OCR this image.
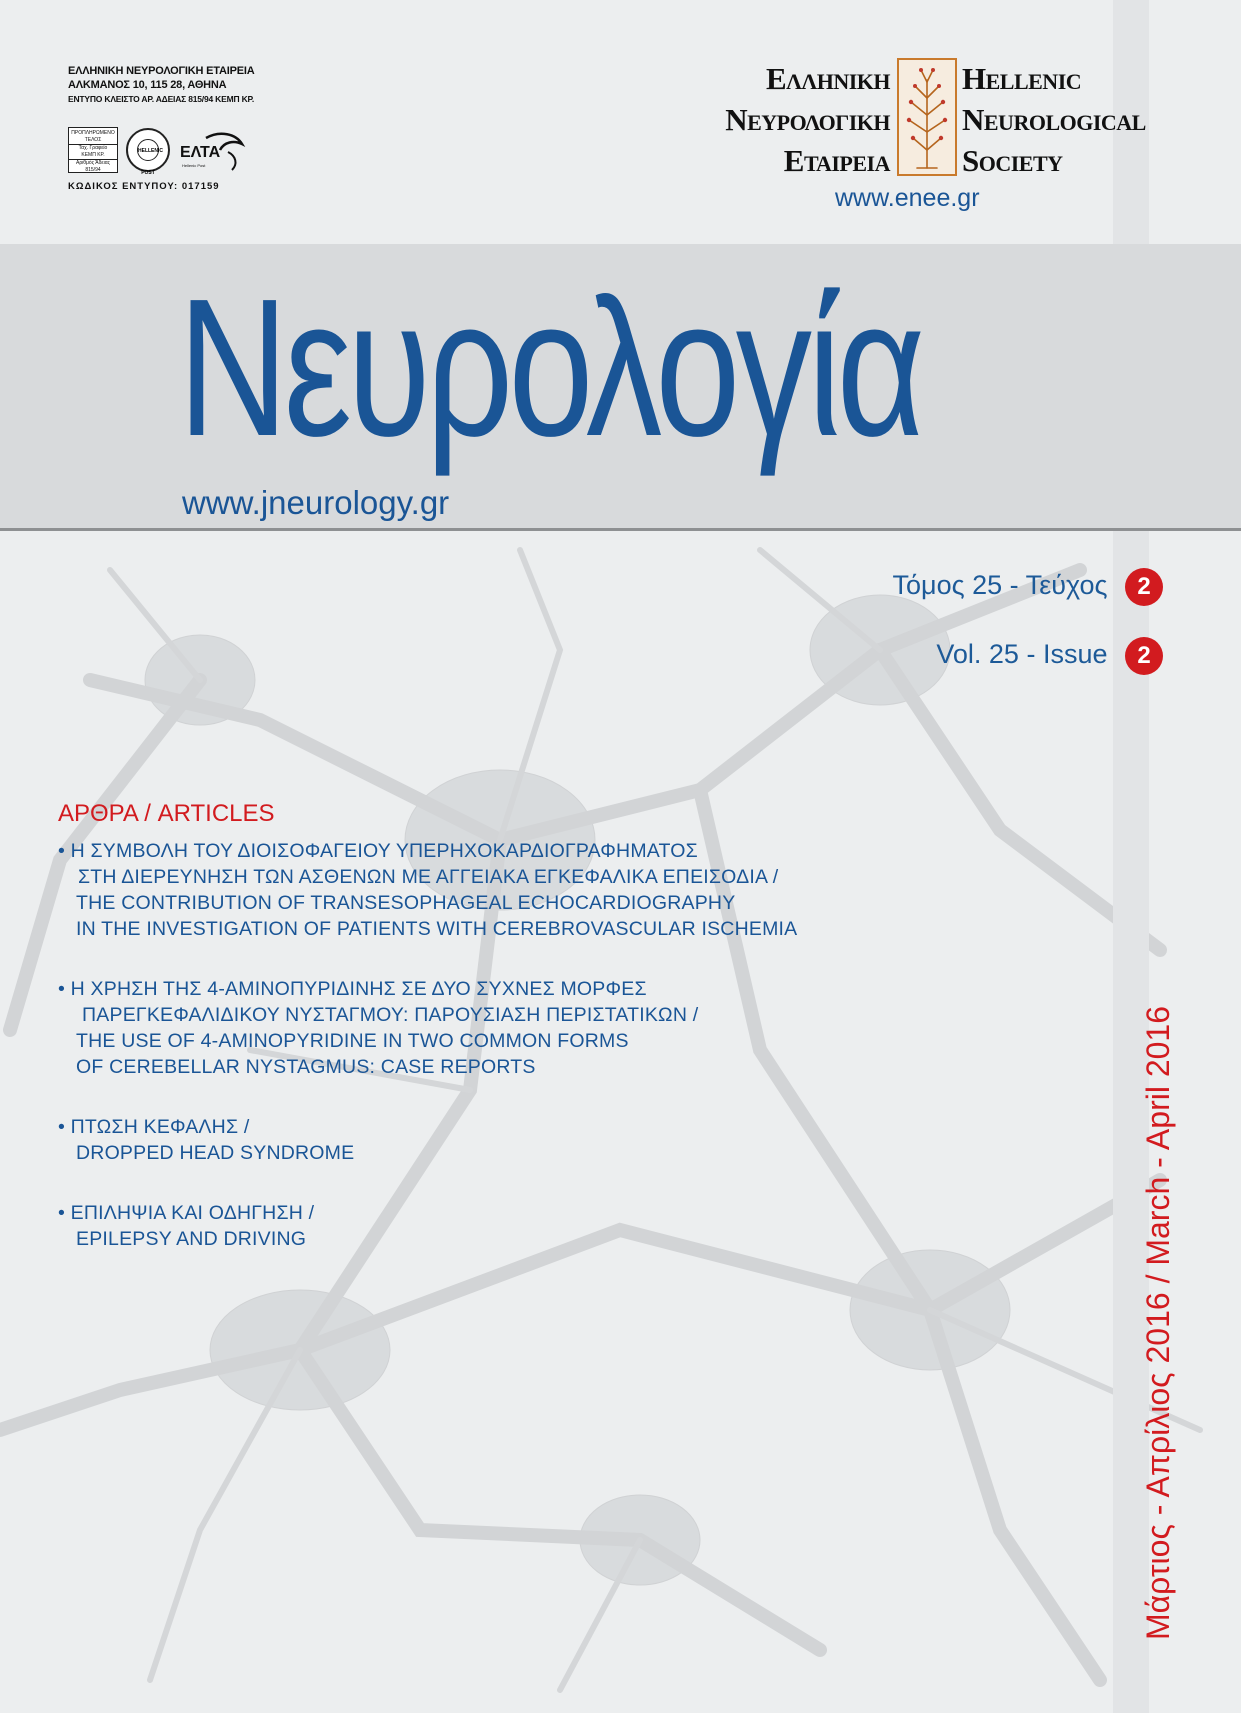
ΕΛΛΗΝΙΚΗ ΝΕΥΡΟΛΟΓΙΚΗ ΕΤΑΙΡΕΙΑ
ΑΛΚΜΑΝΟΣ 10, 115 28, ΑΘΗΝΑ
ΕΝΤΥΠΟ ΚΛΕΙΣΤΟ ΑΡ. ΑΔΕΙΑΣ 815/94 ΚΕΜΠ ΚΡ.
ΠΡΟΠΛΗΡΩΜΕΝΟ
ΤΕΛΟΣ
Ταχ. Γραφείο
ΚΕΜΠ ΚΡ.
Αριθμός Άδειας
815/94
HELLENIC POST
ΕΛΤΑ
Hellenic Post
ΚΩΔΙΚΟΣ ΕΝΤΥΠΟΥ: 017159
Ελληνικη
Νευρολογικη
Εταιρεια
Hellenic
Neurological
Society
www.enee.gr
Νευρολογία
www.jneurology.gr
Τόμος 25 - Τεύχος 2
Vol. 25 - Issue 2
ΑΡΘΡΑ / ARTICLES
• Η ΣΥΜΒΟΛΗ ΤΟΥ ΔΙΟΙΣΟΦΑΓΕΙΟΥ ΥΠΕΡΗΧΟΚΑΡΔΙΟΓΡΑΦΗΜΑΤΟΣ
ΣΤΗ ΔΙΕΡΕΥΝΗΣΗ ΤΩΝ ΑΣΘΕΝΩΝ ΜΕ ΑΓΓΕΙΑΚΑ ΕΓΚΕΦΑΛΙΚΑ ΕΠΕΙΣΟΔΙΑ /
THE CONTRIBUTION OF TRANSESOPHAGEAL ECHOCARDIOGRAPHY
IN THE INVESTIGATION OF PATIENTS WITH CEREBROVASCULAR ISCHEMIA
• Η ΧΡΗΣΗ ΤΗΣ 4-ΑΜΙΝΟΠΥΡΙΔΙΝΗΣ ΣΕ ΔΥΟ ΣΥΧΝΕΣ ΜΟΡΦΕΣ
ΠΑΡΕΓΚΕΦΑΛΙΔΙΚΟΥ ΝΥΣΤΑΓΜΟΥ: ΠΑΡΟΥΣΙΑΣΗ ΠΕΡΙΣΤΑΤΙΚΩΝ /
THE USE OF 4-AMINOPYRIDINE IN TWO COMMON FORMS
OF CEREBELLAR NYSTAGMUS: CASE REPORTS
• ΠΤΩΣΗ ΚΕΦΑΛΗΣ /
DROPPED HEAD SYNDROME
• ΕΠΙΛΗΨΙΑ ΚΑΙ ΟΔΗΓΗΣΗ /
EPILEPSY AND DRIVING	Μάρτιος - Απρίλιος 2016 / March - April 2016
